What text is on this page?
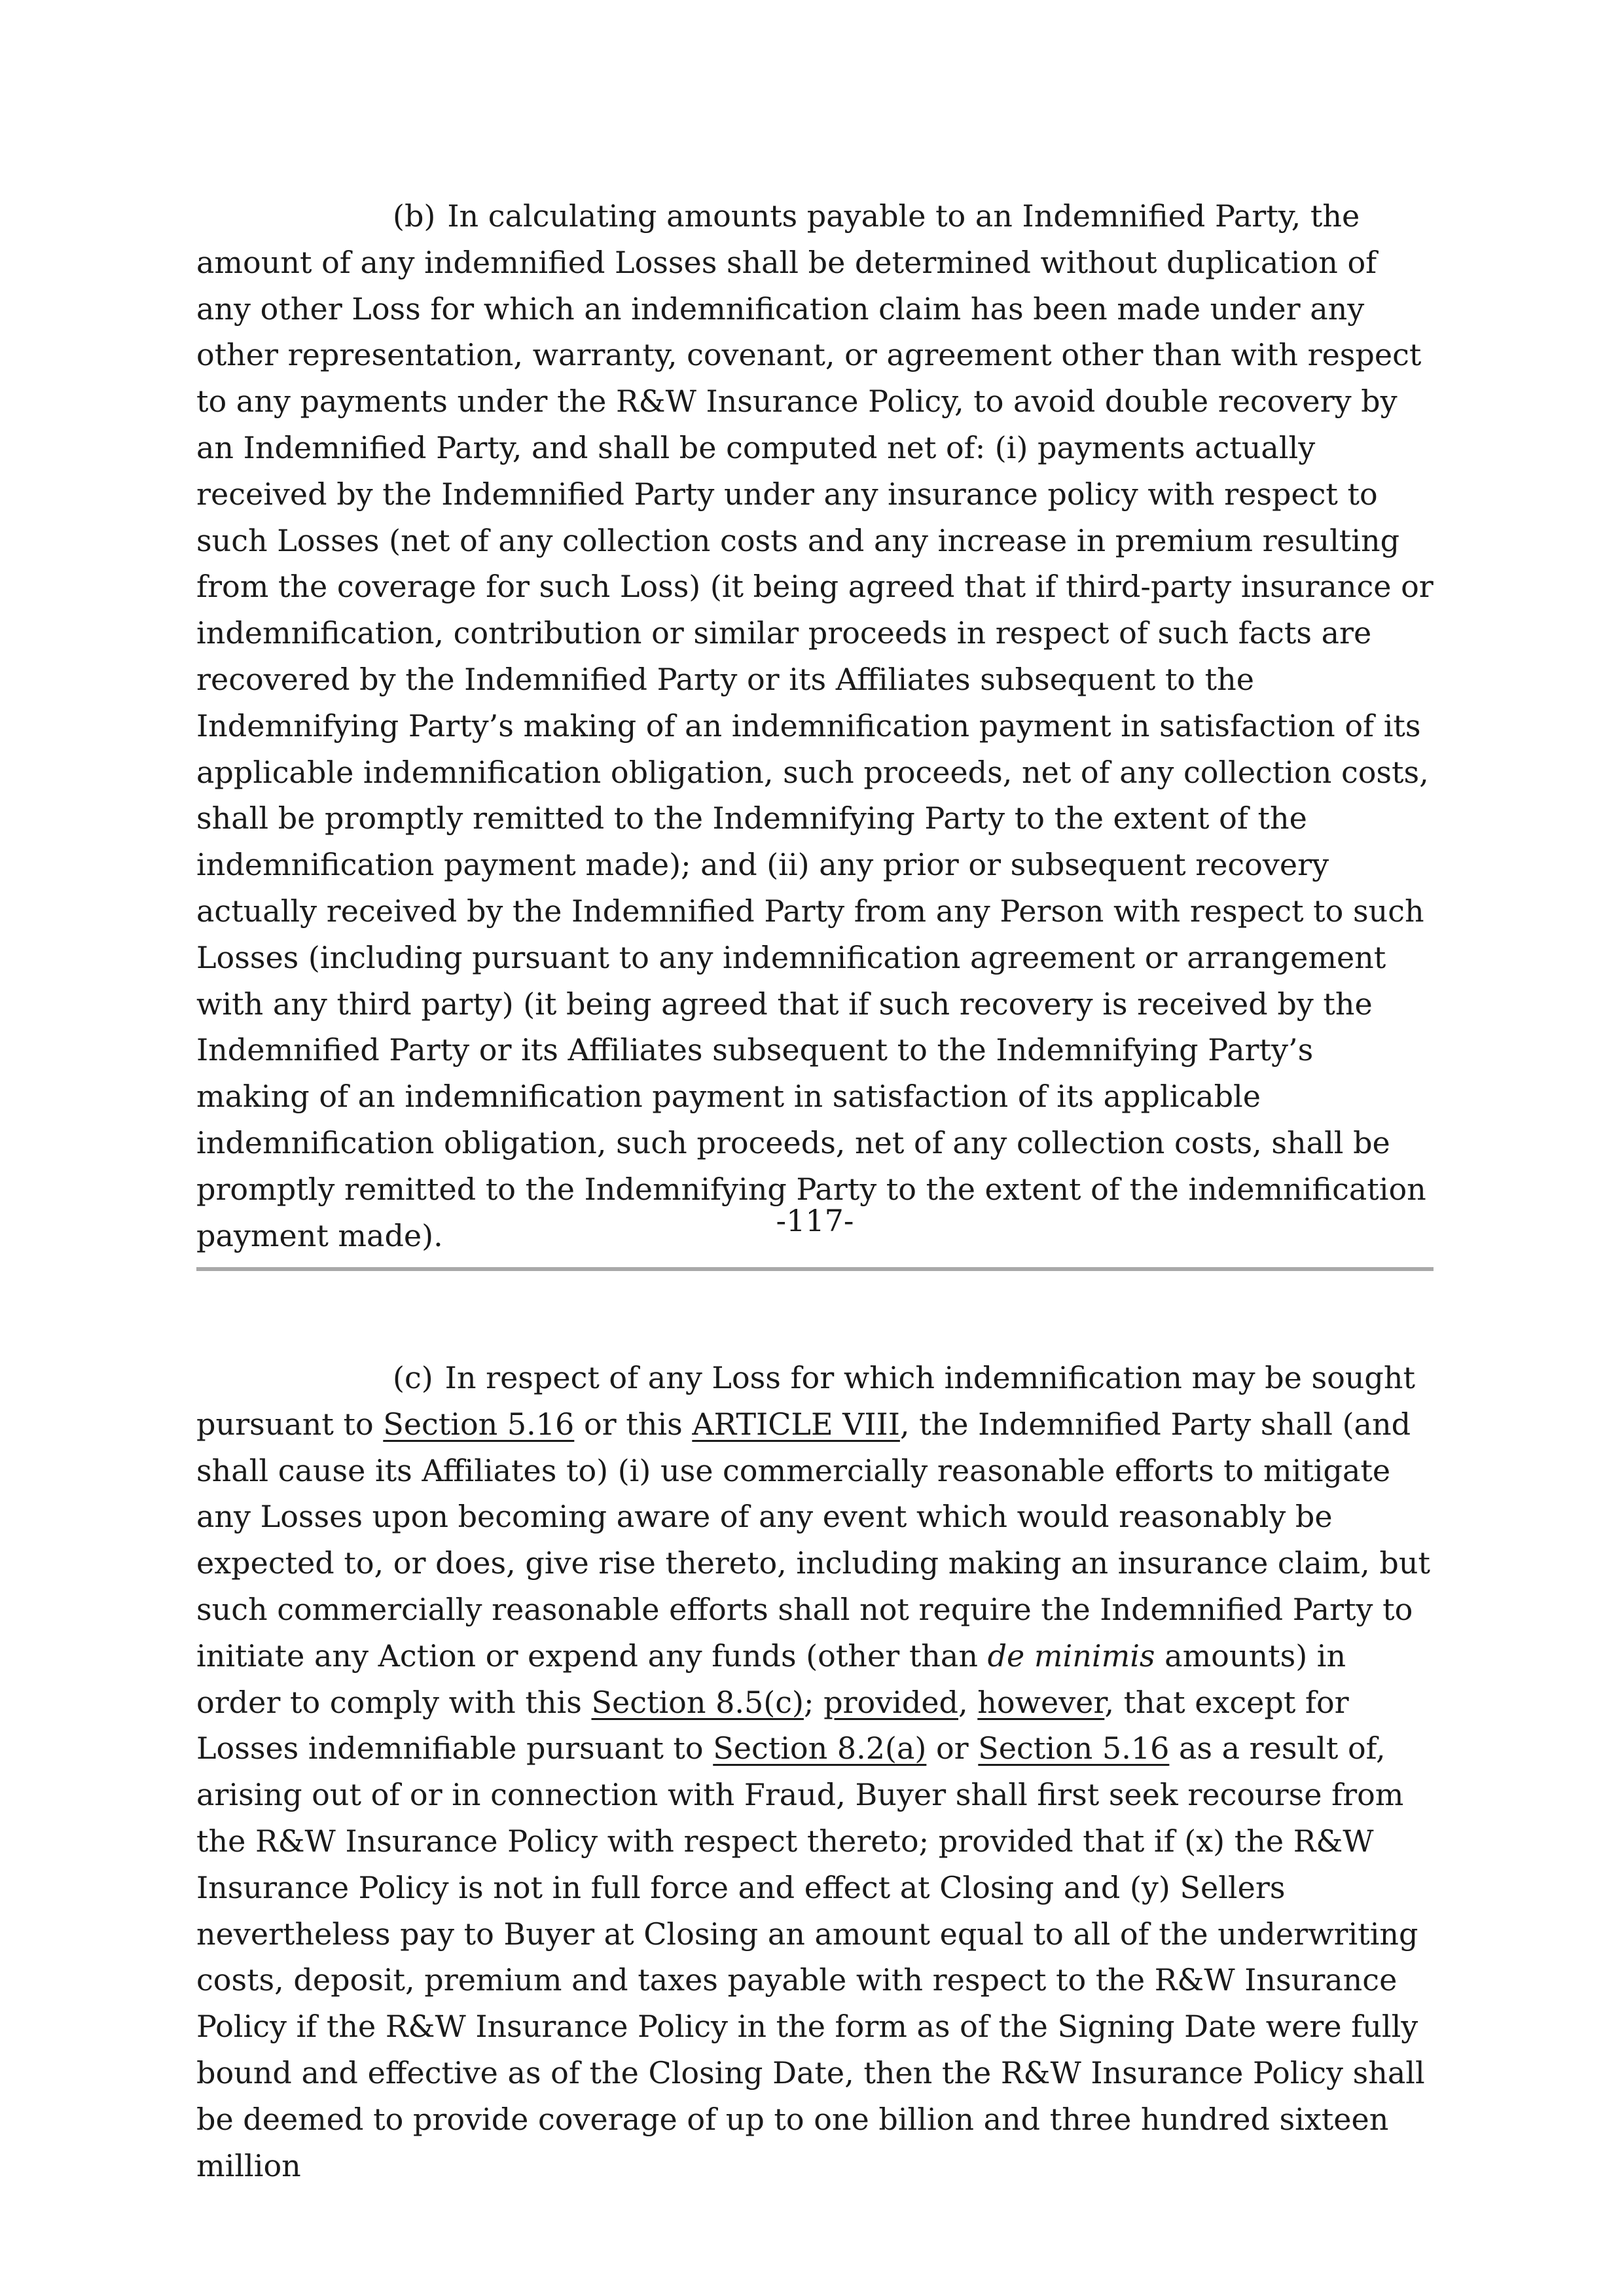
(b) In calculating amounts payable to an Indemnified Party, the amount of any indemnified Losses shall be determined without duplication of any other Loss for which an indemnification claim has been made under any other representation, warranty, covenant, or agreement other than with respect to any payments under the R&W Insurance Policy, to avoid double recovery by an Indemnified Party, and shall be computed net of: (i) payments actually received by the Indemnified Party under any insurance policy with respect to such Losses (net of any collection costs and any increase in premium resulting from the coverage for such Loss) (it being agreed that if third-party insurance or indemnification, contribution or similar proceeds in respect of such facts are recovered by the Indemnified Party or its Affiliates subsequent to the Indemnifying Party’s making of an indemnification payment in satisfaction of its applicable indemnification obligation, such proceeds, net of any collection costs, shall be promptly remitted to the Indemnifying Party to the extent of the indemnification payment made); and (ii) any prior or subsequent recovery actually received by the Indemnified Party from any Person with respect to such Losses (including pursuant to any indemnification agreement or arrangement with any third party) (it being agreed that if such recovery is received by the Indemnified Party or its Affiliates subsequent to the Indemnifying Party’s making of an indemnification payment in satisfaction of its applicable indemnification obligation, such proceeds, net of any collection costs, shall be promptly remitted to the Indemnifying Party to the extent of the indemnification payment made).	-117-

(c) In respect of any Loss for which indemnification may be sought pursuant to Section 5.16 or this ARTICLE VIII, the Indemnified Party shall (and shall cause its Affiliates to) (i) use commercially reasonable efforts to mitigate any Losses upon becoming aware of any event which would reasonably be expected to, or does, give rise thereto, including making an insurance claim, but such commercially reasonable efforts shall not require the Indemnified Party to initiate any Action or expend any funds (other than de minimis amounts) in order to comply with this Section 8.5(c); provided, however, that except for Losses indemnifiable pursuant to Section 8.2(a) or Section 5.16 as a result of, arising out of or in connection with Fraud, Buyer shall first seek recourse from the R&W Insurance Policy with respect thereto; provided that if (x) the R&W Insurance Policy is not in full force and effect at Closing and (y) Sellers nevertheless pay to Buyer at Closing an amount equal to all of the underwriting costs, deposit, premium and taxes payable with respect to the R&W Insurance Policy if the R&W Insurance Policy in the form as of the Signing Date were fully bound and effective as of the Closing Date, then the R&W Insurance Policy shall be deemed to provide coverage of up to one billion and three hundred sixteen million
